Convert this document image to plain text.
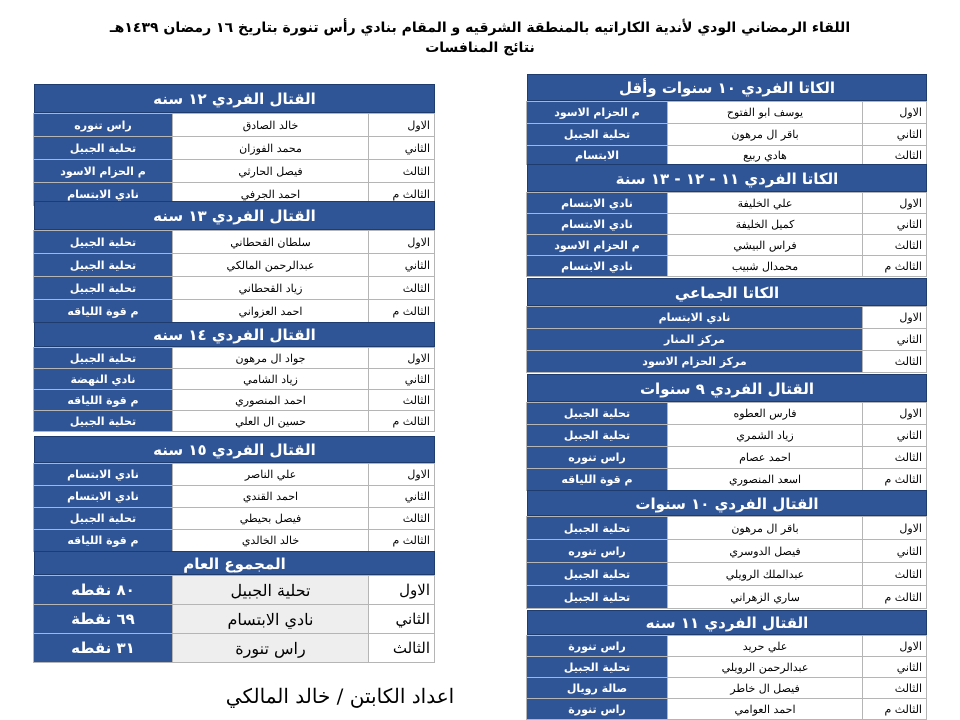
اللقاء الرمضاني الودي لأندية الكاراتيه بالمنطقة الشرقيه و المقام بنادي رأس تنورة بتاريخ ١٦ رمضان ١٤٣٩هـ
نتائج المنافسات
القتال الفردي ١٢ سنه
الاول	خالد الصادق	راس تنوره
الثاني	محمد الفوزان	تحلية الجبيل
الثالث	فيصل الحارثي	م الحزام الاسود
الثالث م	احمد الجرفي	نادي الابتسام
القتال الفردي ١٣ سنه
الاول	سلطان القحطاني	تحلية الجبيل
الثاني	عبدالرحمن المالكي	تحلية الجبيل
الثالث	زياد القحطاني	تحلية الجبيل
الثالث م	احمد العزواني	م قوة اللياقه
القتال الفردي ١٤ سنه
الاول	جواد ال مرهون	تحلية الجبيل
الثاني	زياد الشامي	نادي النهضة
الثالث	احمد المنصوري	م قوة اللياقه
الثالث م	حسين ال العلي	تحلية الجبيل
القتال الفردي ١٥ سنه
الاول	علي الناصر	نادي الابتسام
الثاني	احمد القندي	نادي الابتسام
الثالث	فيصل بحيطي	تحلية الجبيل
الثالث م	خالد الخالدي	م قوة اللياقه
المجموع العام
الاول	تحلية الجبيل	٨٠ نقطه
الثاني	نادي الابتسام	٦٩ نقطة
الثالث	راس تنورة	٣١ نقطه
الكاتا الفردي ١٠ سنوات وأقل
الاول	يوسف ابو الفتوح	م الحزام الاسود
الثاني	باقر ال مرهون	تحلية الجبيل
الثالث	هادي ربيع	الابتسام
الكاتا الفردي ١١ - ١٢ - ١٣ سنة
الاول	علي الخليفة	نادي الابتسام
الثاني	كميل الخليفة	نادي الابتسام
الثالث	فراس البيشي	م الحزام الاسود
الثالث م	محمدال شبيب	نادي الابتسام
الكاتا الجماعي
الاول	نادي الابتسام
الثاني	مركز المنار
الثالث	مركز الحزام الاسود
القتال الفردي ٩ سنوات
الاول	فارس العطوه	تحلية الجبيل
الثاني	زياد الشمري	تحلية الجبيل
الثالث	احمد عصام	راس تنوره
الثالث م	اسعد المنصوري	م قوة اللياقه
القتال الفردي ١٠ سنوات
الاول	باقر ال مرهون	تحلية الجبيل
الثاني	فيصل الدوسري	راس تنوره
الثالث	عبدالملك الرويلي	تحلية الجبيل
الثالث م	ساري الزهراني	تحلية الجبيل
القتال الفردي ١١ سنه
الاول	علي حريد	راس تنورة
الثاني	عبدالرحمن الرويلي	تحلية الجبيل
الثالث	فيصل ال خاطر	صالة رويال
الثالث م	احمد العوامي	راس تنورة
اعداد الكابتن / خالد المالكي
